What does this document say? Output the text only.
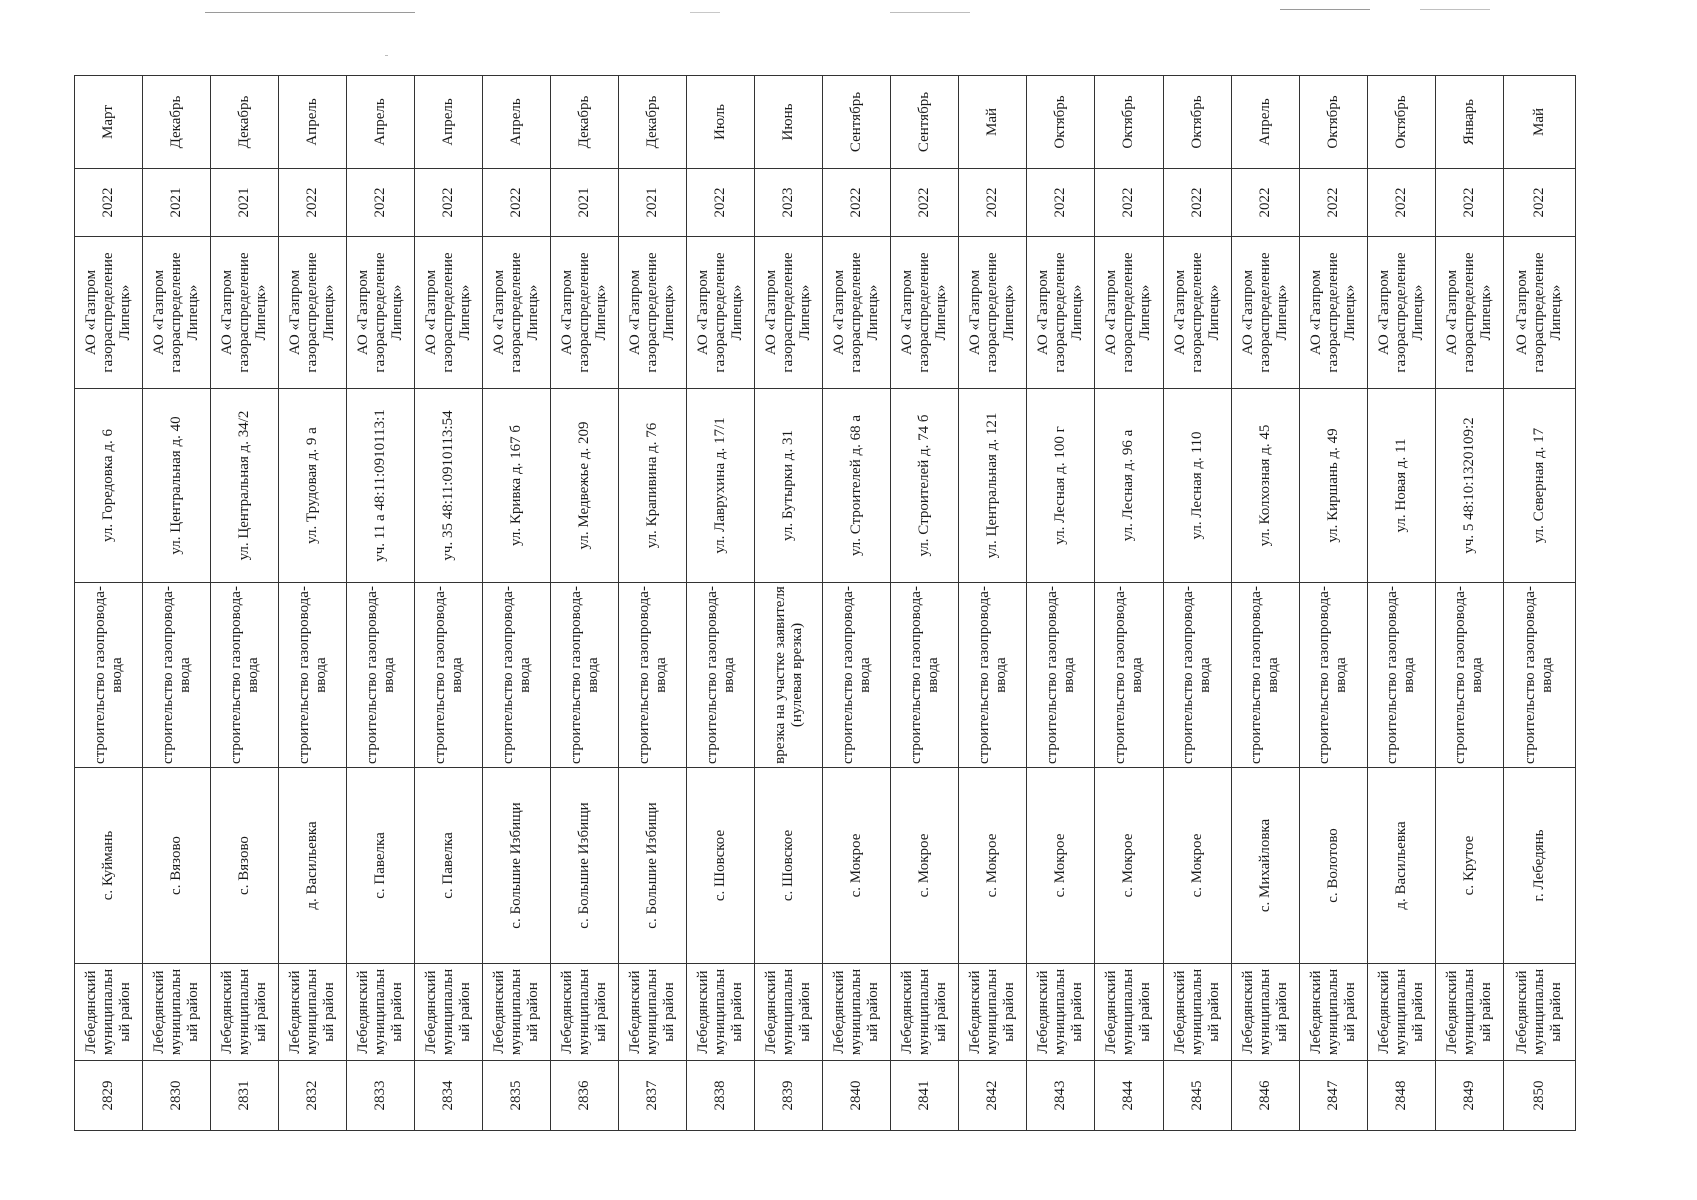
2829	Лебедянский муниципальный район	с. Куймань	строительство газопровода-ввода	ул. Горедовка д. 6	АО «Газпром газораспределение Липецк»	2022	Март
2830	Лебедянский муниципальный район	с. Вязово	строительство газопровода-ввода	ул. Центральная д. 40	АО «Газпром газораспределение Липецк»	2021	Декабрь
2831	Лебедянский муниципальный район	с. Вязово	строительство газопровода-ввода	ул. Центральная д. 34/2	АО «Газпром газораспределение Липецк»	2021	Декабрь
2832	Лебедянский муниципальный район	д. Васильевка	строительство газопровода-ввода	ул. Трудовая д. 9 а	АО «Газпром газораспределение Липецк»	2022	Апрель
2833	Лебедянский муниципальный район	с. Павелка	строительство газопровода-ввода	уч. 11 а 48:11:0910113:1	АО «Газпром газораспределение Липецк»	2022	Апрель
2834	Лебедянский муниципальный район	с. Павелка	строительство газопровода-ввода	уч. 35 48:11:0910113:54	АО «Газпром газораспределение Липецк»	2022	Апрель
2835	Лебедянский муниципальный район	с. Большие Избищи	строительство газопровода-ввода	ул. Кривка д. 167 б	АО «Газпром газораспределение Липецк»	2022	Апрель
2836	Лебедянский муниципальный район	с. Большие Избищи	строительство газопровода-ввода	ул. Медвежье д. 209	АО «Газпром газораспределение Липецк»	2021	Декабрь
2837	Лебедянский муниципальный район	с. Большие Избищи	строительство газопровода-ввода	ул. Крапивина д. 76	АО «Газпром газораспределение Липецк»	2021	Декабрь
2838	Лебедянский муниципальный район	с. Шовское	строительство газопровода-ввода	ул. Лаврухина д. 17/1	АО «Газпром газораспределение Липецк»	2022	Июль
2839	Лебедянский муниципальный район	с. Шовское	врезка на участке заявителя (нулевая врезка)	ул. Бутырки д. 31	АО «Газпром газораспределение Липецк»	2023	Июнь
2840	Лебедянский муниципальный район	с. Мокрое	строительство газопровода-ввода	ул. Строителей д. 68 а	АО «Газпром газораспределение Липецк»	2022	Сентябрь
2841	Лебедянский муниципальный район	с. Мокрое	строительство газопровода-ввода	ул. Строителей д. 74 б	АО «Газпром газораспределение Липецк»	2022	Сентябрь
2842	Лебедянский муниципальный район	с. Мокрое	строительство газопровода-ввода	ул. Центральная д. 121	АО «Газпром газораспределение Липецк»	2022	Май
2843	Лебедянский муниципальный район	с. Мокрое	строительство газопровода-ввода	ул. Лесная д. 100 г	АО «Газпром газораспределение Липецк»	2022	Октябрь
2844	Лебедянский муниципальный район	с. Мокрое	строительство газопровода-ввода	ул. Лесная д. 96 а	АО «Газпром газораспределение Липецк»	2022	Октябрь
2845	Лебедянский муниципальный район	с. Мокрое	строительство газопровода-ввода	ул. Лесная д. 110	АО «Газпром газораспределение Липецк»	2022	Октябрь
2846	Лебедянский муниципальный район	с. Михайловка	строительство газопровода-ввода	ул. Колхозная д. 45	АО «Газпром газораспределение Липецк»	2022	Апрель
2847	Лебедянский муниципальный район	с. Волотово	строительство газопровода-ввода	ул. Киршань д. 49	АО «Газпром газораспределение Липецк»	2022	Октябрь
2848	Лебедянский муниципальный район	д. Васильевка	строительство газопровода-ввода	ул. Новая д. 11	АО «Газпром газораспределение Липецк»	2022	Октябрь
2849	Лебедянский муниципальный район	с. Крутое	строительство газопровода-ввода	уч. 5 48:10:1320109:2	АО «Газпром газораспределение Липецк»	2022	Январь
2850	Лебедянский муниципальный район	г. Лебедянь	строительство газопровода-ввода	ул. Северная д. 17	АО «Газпром газораспределение Липецк»	2022	Май
